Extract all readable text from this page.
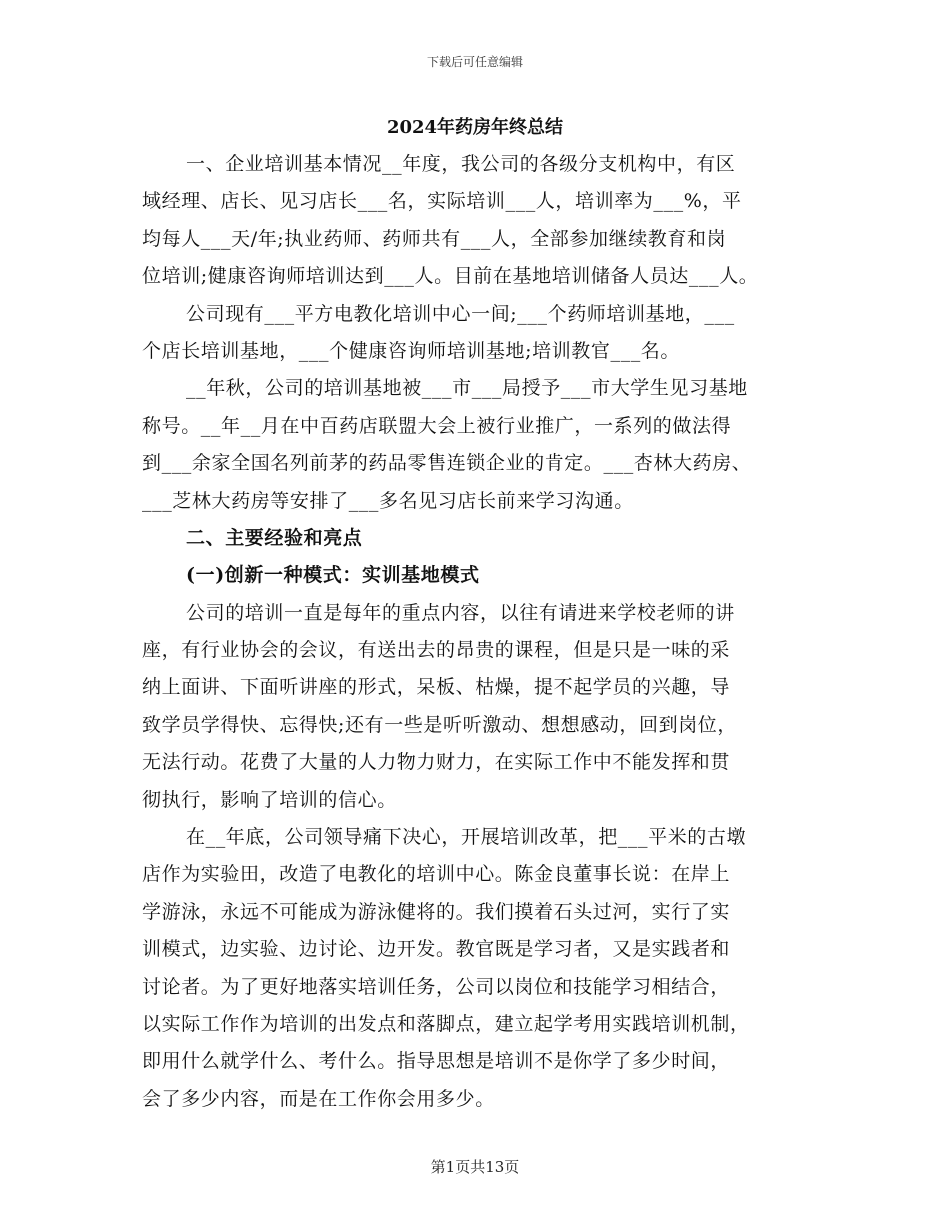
下载后可任意编辑
2024年药房年终总结
一、企业培训基本情况__年度，我公司的各级分支机构中，有区
域经理、店长、见习店长___名，实际培训___人，培训率为___%，平
均每人___天/年;执业药师、药师共有___人，全部参加继续教育和岗
位培训;健康咨询师培训达到___人。目前在基地培训储备人员达___人。
公司现有___平方电教化培训中心一间;___个药师培训基地，___
个店长培训基地，___个健康咨询师培训基地;培训教官___名。
__年秋，公司的培训基地被___市___局授予___市大学生见习基地
称号。__年__月在中百药店联盟大会上被行业推广，一系列的做法得
到___余家全国名列前茅的药品零售连锁企业的肯定。___杏林大药房、
___芝林大药房等安排了___多名见习店长前来学习沟通。
二、主要经验和亮点
(一)创新一种模式：实训基地模式
公司的培训一直是每年的重点内容，以往有请进来学校老师的讲
座，有行业协会的会议，有送出去的昂贵的课程，但是只是一味的采
纳上面讲、下面听讲座的形式，呆板、枯燥，提不起学员的兴趣，导
致学员学得快、忘得快;还有一些是听听激动、想想感动，回到岗位，
无法行动。花费了大量的人力物力财力，在实际工作中不能发挥和贯
彻执行，影响了培训的信心。
在__年底，公司领导痛下决心，开展培训改革，把___平米的古墩
店作为实验田，改造了电教化的培训中心。陈金良董事长说：在岸上
学游泳，永远不可能成为游泳健将的。我们摸着石头过河，实行了实
训模式，边实验、边讨论、边开发。教官既是学习者，又是实践者和
讨论者。为了更好地落实培训任务，公司以岗位和技能学习相结合，
以实际工作作为培训的出发点和落脚点，建立起学考用实践培训机制，
即用什么就学什么、考什么。指导思想是培训不是你学了多少时间，
会了多少内容，而是在工作你会用多少。
第1页共13页
